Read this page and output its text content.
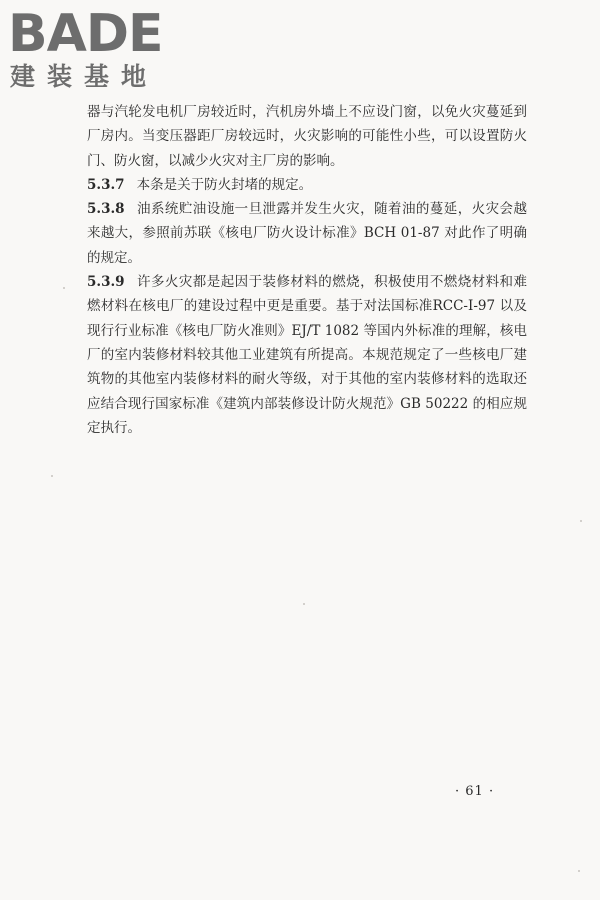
BADE
建装基地

器与汽轮发电机厂房较近时，汽机房外墙上不应设门窗，以免火灾蔓延到厂房内。当变压器距厂房较远时，火灾影响的可能性小些，可以设置防火门、防火窗，以减少火灾对主厂房的影响。

5.3.7 本条是关于防火封堵的规定。

5.3.8 油系统贮油设施一旦泄露并发生火灾，随着油的蔓延，火灾会越来越大，参照前苏联《核电厂防火设计标准》BCH 01-87 对此作了明确的规定。

5.3.9 许多火灾都是起因于装修材料的燃烧，积极使用不燃烧材料和难燃材料在核电厂的建设过程中更是重要。基于对法国标准RCC-I-97 以及现行行业标准《核电厂防火准则》EJ/T 1082 等国内外标准的理解，核电厂的室内装修材料较其他工业建筑有所提高。本规范规定了一些核电厂建筑物的其他室内装修材料的耐火等级，对于其他的室内装修材料的选取还应结合现行国家标准《建筑内部装修设计防火规范》GB 50222 的相应规定执行。

· 61 ·
